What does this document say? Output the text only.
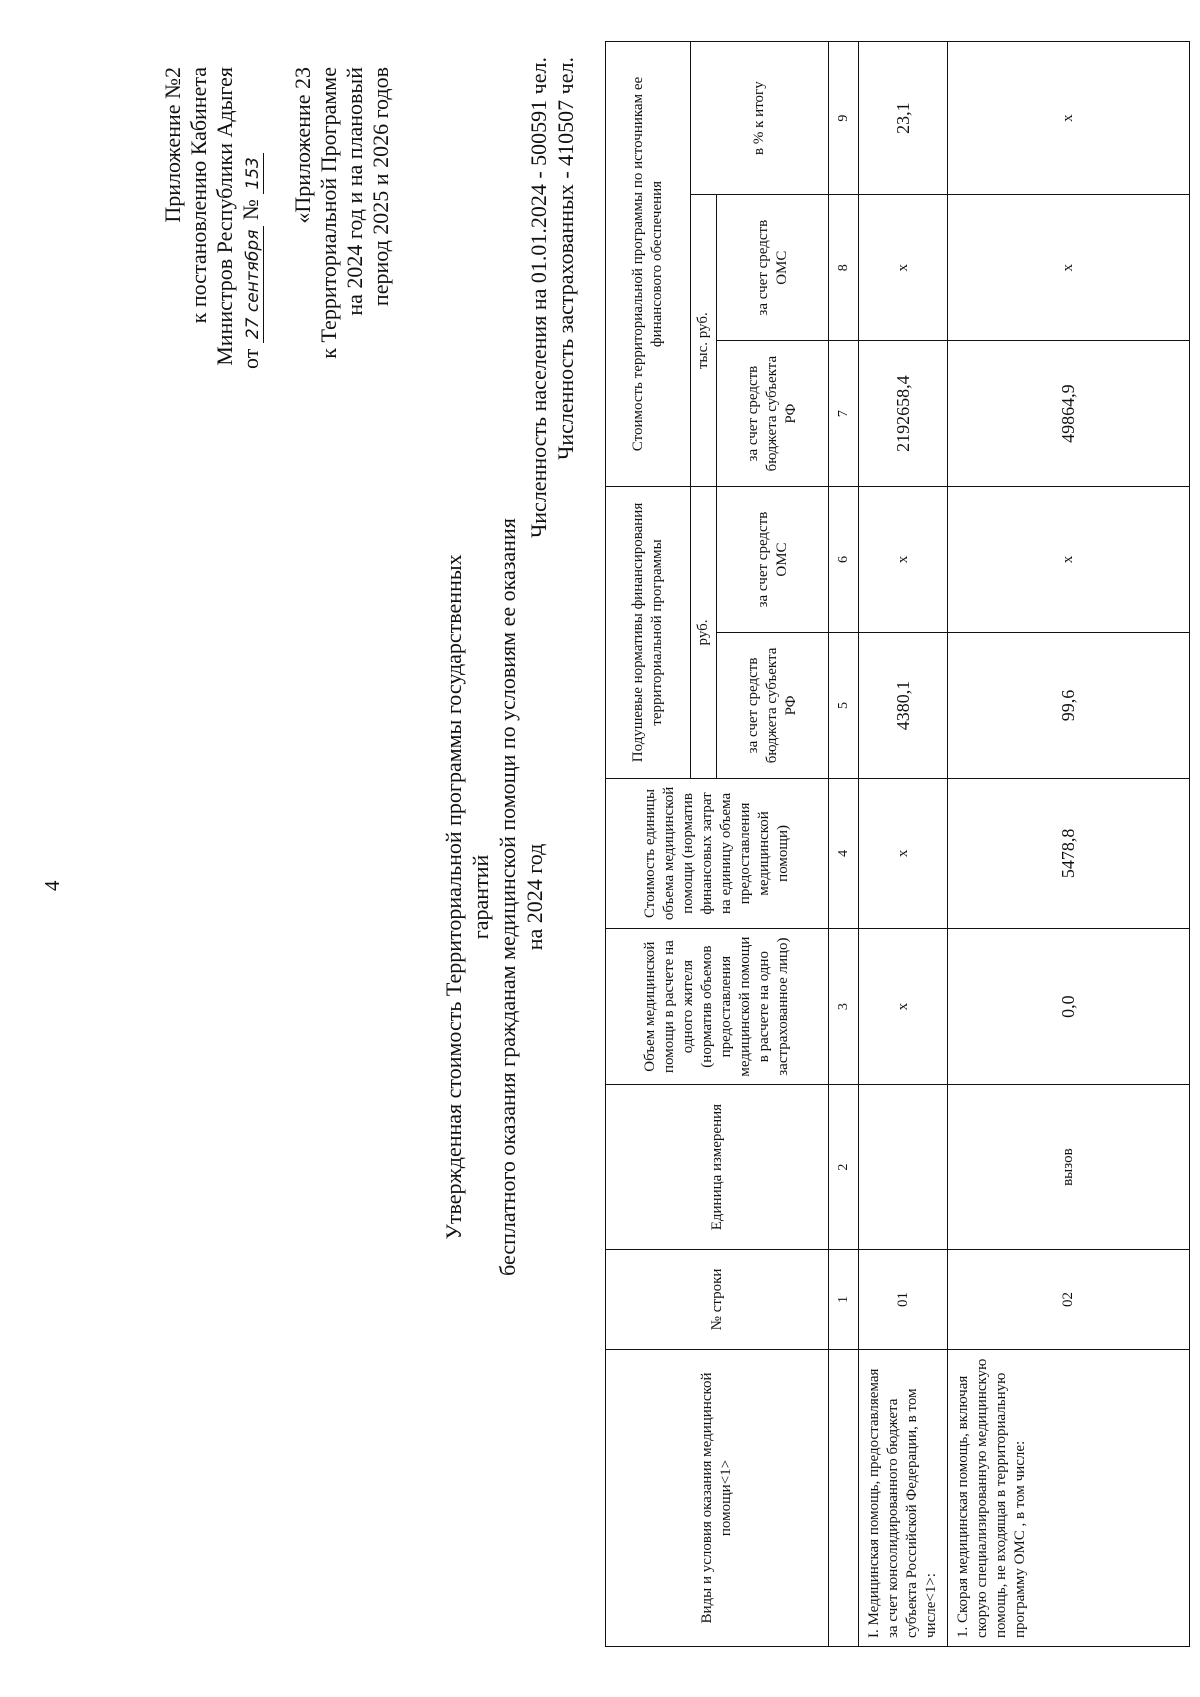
4
Приложение №2 к постановлению Кабинета Министров Республики Адыгея от 27 сентября № 153 «Приложение 23 к Территориальной Программе на 2024 год и на плановый период 2025 и 2026 годов
Утвержденная стоимость Территориальной программы государственных гарантий бесплатного оказания гражданам медицинской помощи по условиям ее оказания на 2024 год
Численность населения на 01.01.2024 - 500591 чел. Численность застрахованных - 410507 чел.
Виды и условия оказания медицинской помощи<1>	№ строки	Единица измерения	Объем медицинской помощи в расчете на одного жителя (норматив объемов предоставления медицинской помощи в расчете на одно застрахованное лицо)	Стоимость единицы объема медицинской помощи (норматив финансовых затрат на единицу объема предоставления медицинской помощи)	Подушевые нормативы финансирования территориальной программы		Стоимость территориальной программы по источникам ее финансового обеспечения		
					руб.		тыс. руб.		в % к итогу
					за счет средств бюджета субъекта РФ	за счет средств ОМС	за счет средств бюджета субъекта РФ	за счет средств ОМС	
	1	2	3	4	5	6	7	8	9
I. Медицинская помощь, предоставляемая за счет консолидированного бюджета субъекта Российской Федерации, в том числе<1>:	01		x	x	4380,1	x	2192658,4	x	23,1
1. Скорая медицинская помощь, включая скорую специализированную медицинскую помощь, не входящая в территориальную программу ОМС , в том числе:	02	вызов	0,0	5478,8	99,6	x	49864,9	x	x
